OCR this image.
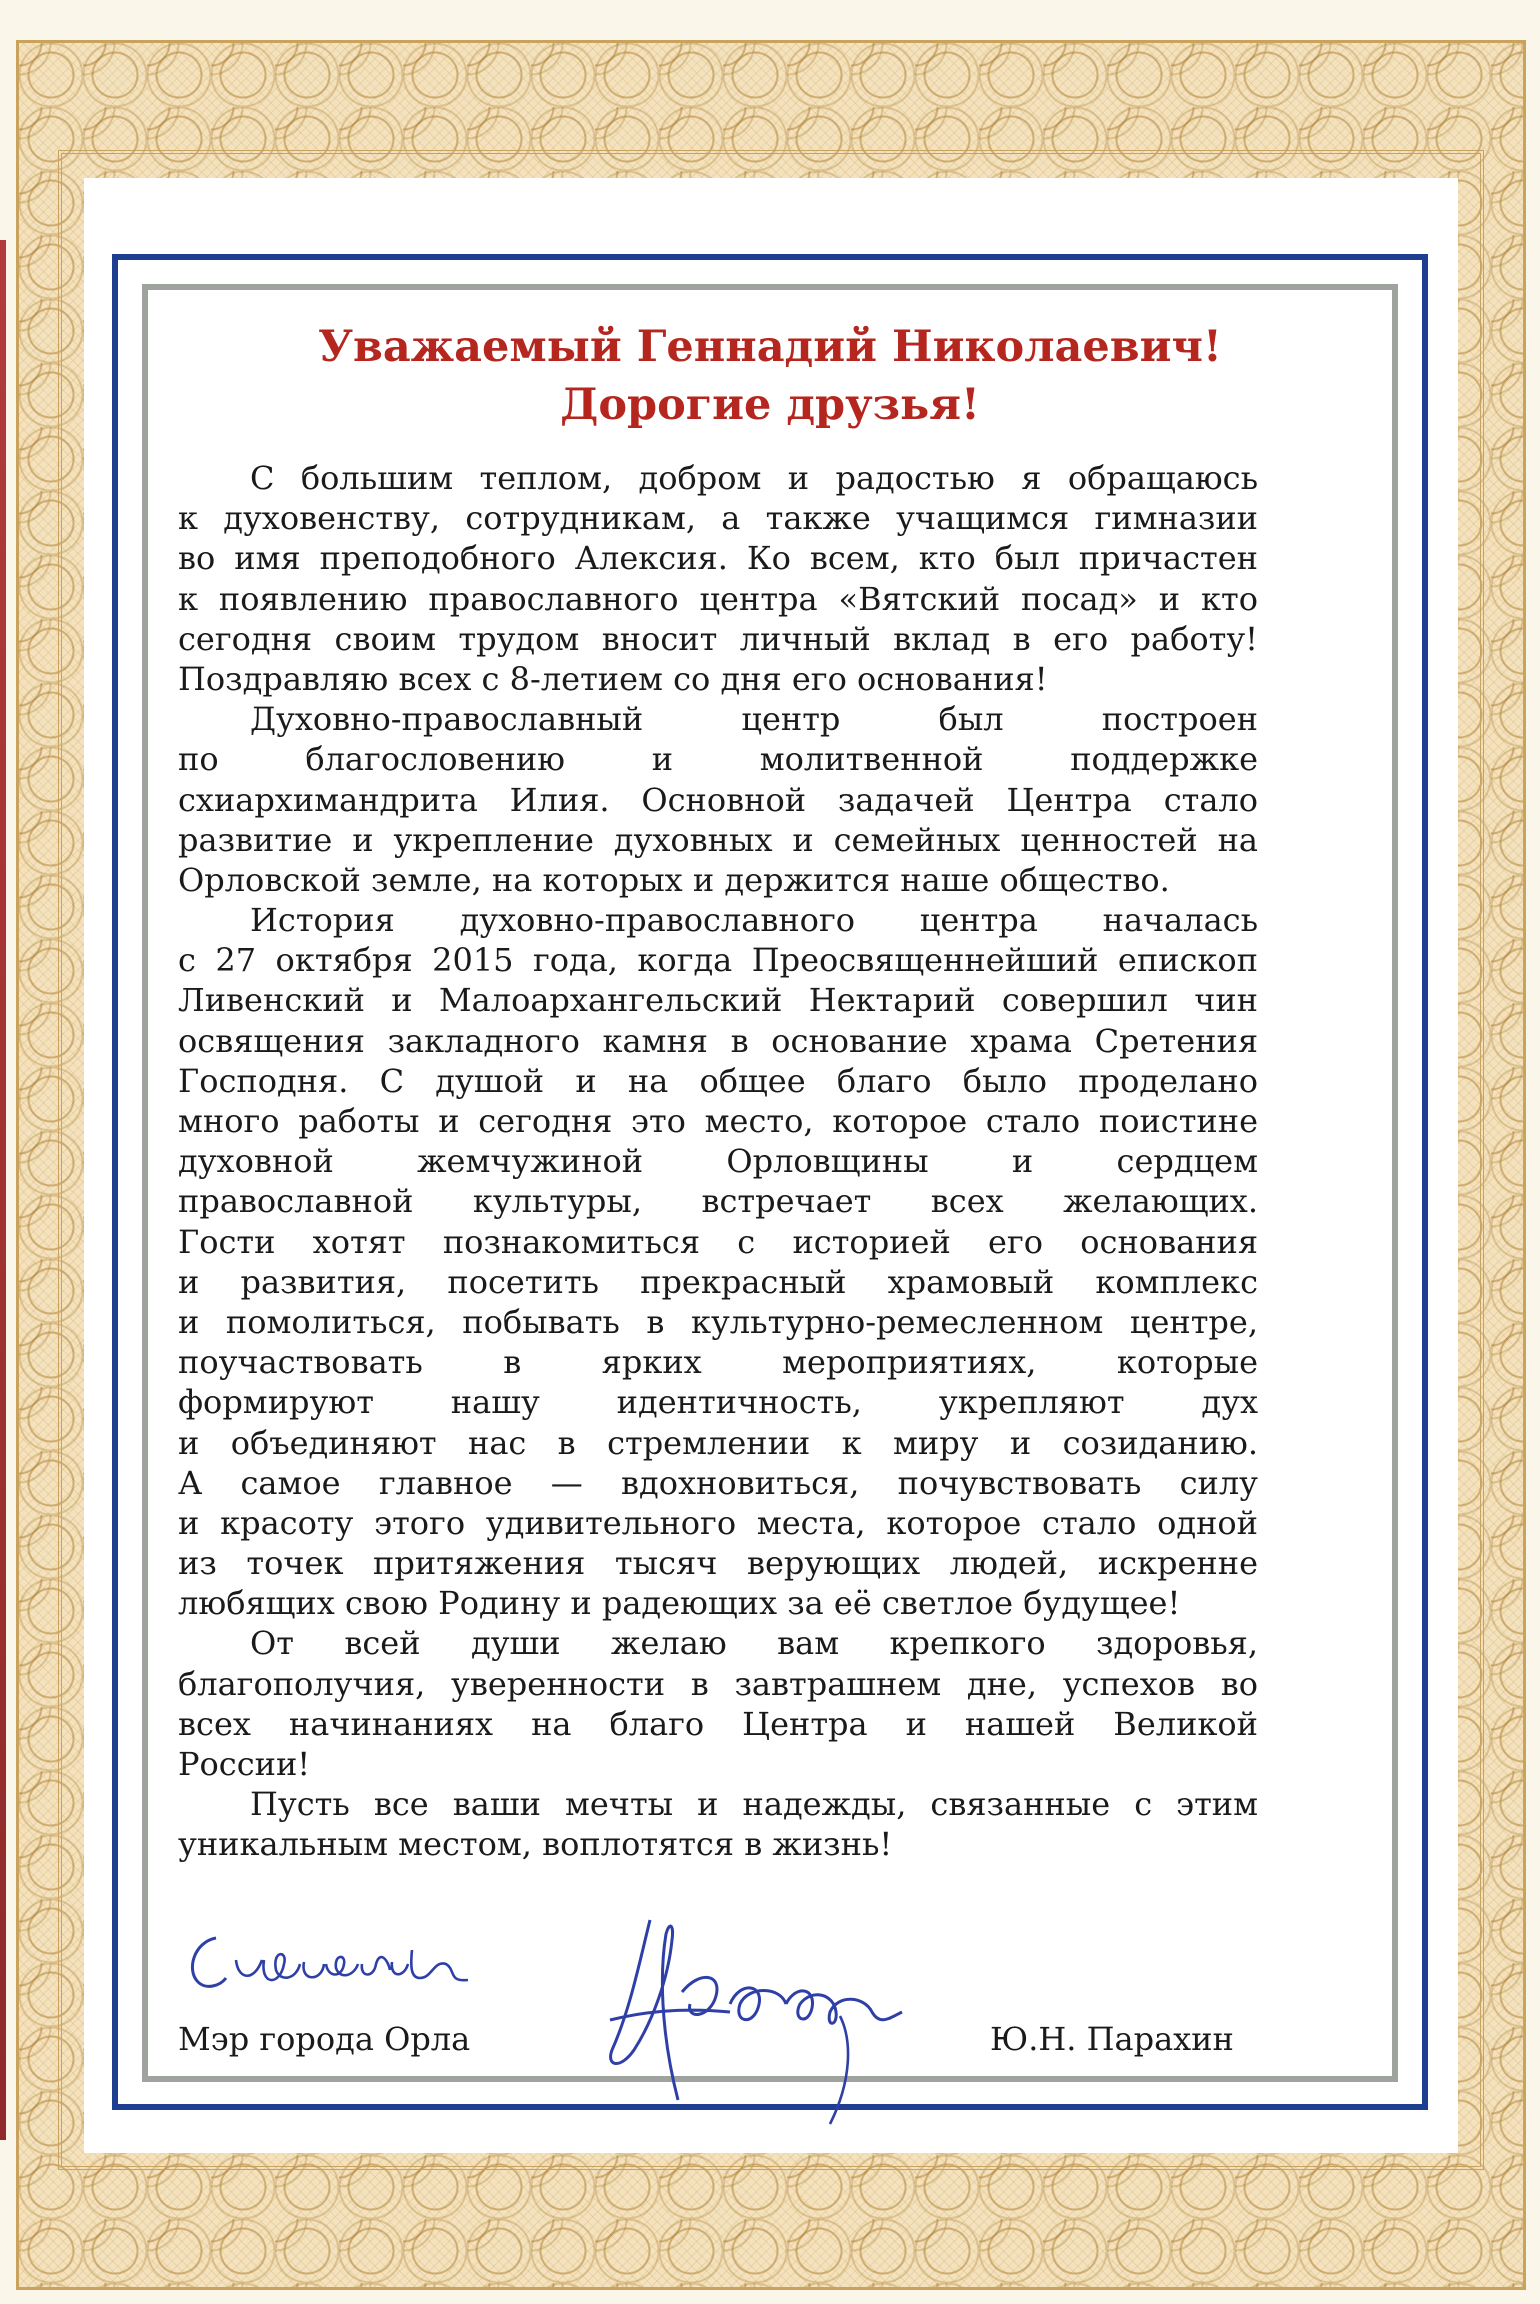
Уважаемый Геннадий Николаевич!
Дорогие друзья!
С большим теплом, добром и радостью я обращаюсь
к духовенству, сотрудникам, а также учащимся гимназии
во имя преподобного Алексия. Ко всем, кто был причастен
к появлению православного центра «Вятский посад» и кто
сегодня своим трудом вносит личный вклад в его работу!
Поздравляю всех с 8-летием со дня его основания!
Духовно-православный центр был построен
по благословению и молитвенной поддержке
схиархимандрита Илия. Основной задачей Центра стало
развитие и укрепление духовных и семейных ценностей на
Орловской земле, на которых и держится наше общество.
История духовно-православного центра началась
с 27 октября 2015 года, когда Преосвященнейший епископ
Ливенский и Малоархангельский Нектарий совершил чин
освящения закладного камня в основание храма Сретения
Господня. С душой и на общее благо было проделано
много работы и сегодня это место, которое стало поистине
духовной жемчужиной Орловщины и сердцем
православной культуры, встречает всех желающих.
Гости хотят познакомиться с историей его основания
и развития, посетить прекрасный храмовый комплекс
и помолиться, побывать в культурно-ремесленном центре,
поучаствовать в ярких мероприятиях, которые
формируют нашу идентичность, укрепляют дух
и объединяют нас в стремлении к миру и созиданию.
А самое главное — вдохновиться, почувствовать силу
и красоту этого удивительного места, которое стало одной
из точек притяжения тысяч верующих людей, искренне
любящих свою Родину и радеющих за её светлое будущее!
От всей души желаю вам крепкого здоровья,
благополучия, уверенности в завтрашнем дне, успехов во
всех начинаниях на благо Центра и нашей Великой
России!
Пусть все ваши мечты и надежды, связанные с этим
уникальным местом, воплотятся в жизнь!
Мэр города Орла	Ю.Н. Парахин
